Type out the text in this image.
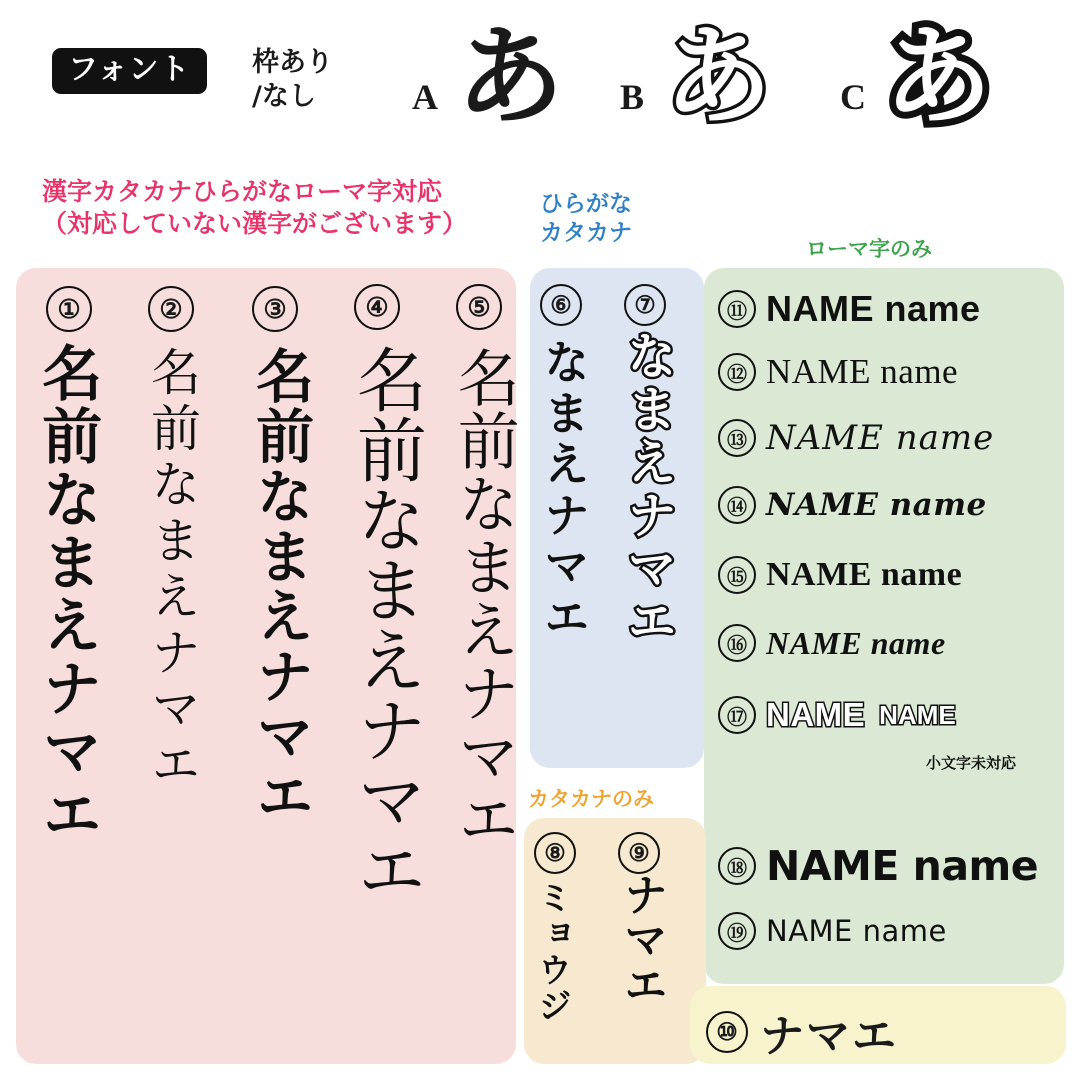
フォント	枠あり
/なし	A あ B あ C あ
漢字カタカナひらがなローマ字対応
（対応していない漢字がございます）
ひらがな
カタカナ
ローマ字のみ
カタカナのみ
①	②	③	④	⑤
名前なまえナマエ 名前なまえナマエ 名前なまえナマエ 名前なまえナマエ 名前なまえナマエ
⑥	⑦
なまえナマエ なまえナマエ
⑧	⑨
ミョウジ ナマエ
⑪ NAME name
⑫ NAME name
⑬ NAME name
⑭ NAME name
⑮ NAME name
⑯ NAME name
⑰ NAME NAME
小文字未対応
⑱ NAME name
⑲ NAME name
⑩ ナマエ
